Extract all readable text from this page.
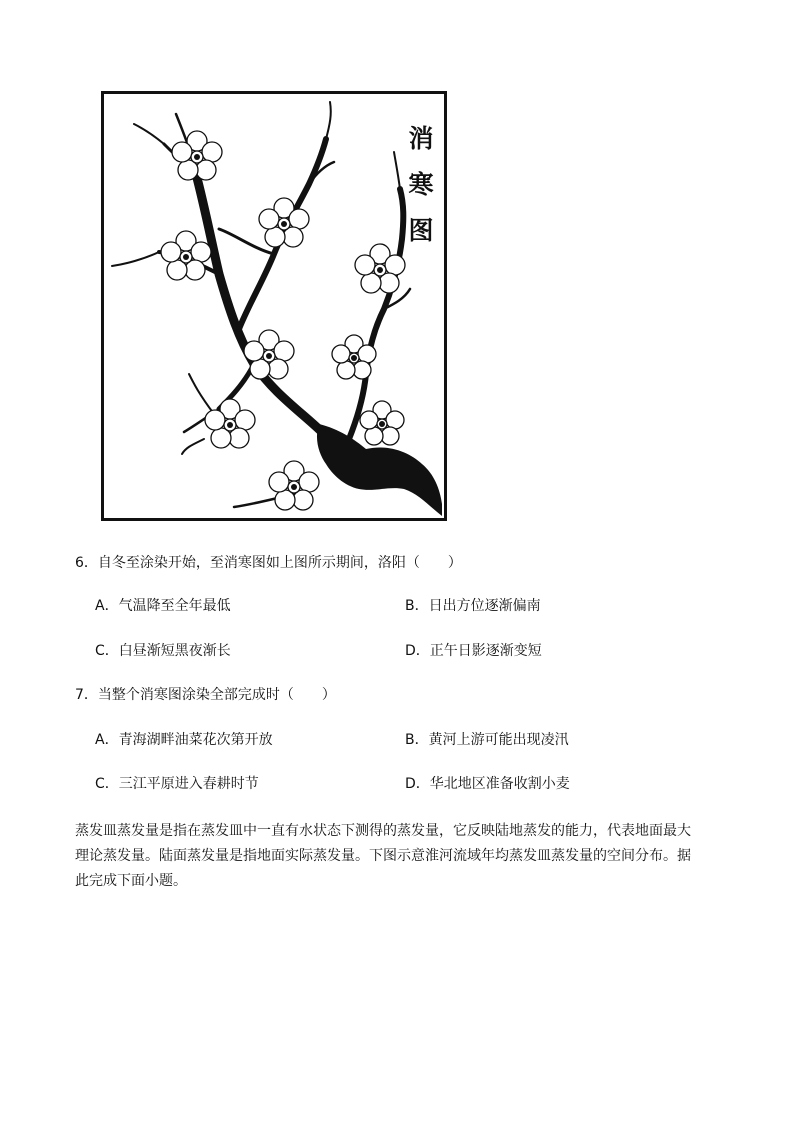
消
寒
图
6．自冬至涂染开始，至消寒图如上图所示期间，洛阳（　　）
A．气温降至全年最低	B．日出方位逐渐偏南
C．白昼渐短黑夜渐长	D．正午日影逐渐变短
7．当整个消寒图涂染全部完成时（　　）
A．青海湖畔油菜花次第开放	B．黄河上游可能出现凌汛
C．三江平原进入春耕时节	D．华北地区准备收割小麦
蒸发皿蒸发量是指在蒸发皿中一直有水状态下测得的蒸发量，它反映陆地蒸发的能力，代表地面最大
理论蒸发量。陆面蒸发量是指地面实际蒸发量。下图示意淮河流域年均蒸发皿蒸发量的空间分布。据
此完成下面小题。
